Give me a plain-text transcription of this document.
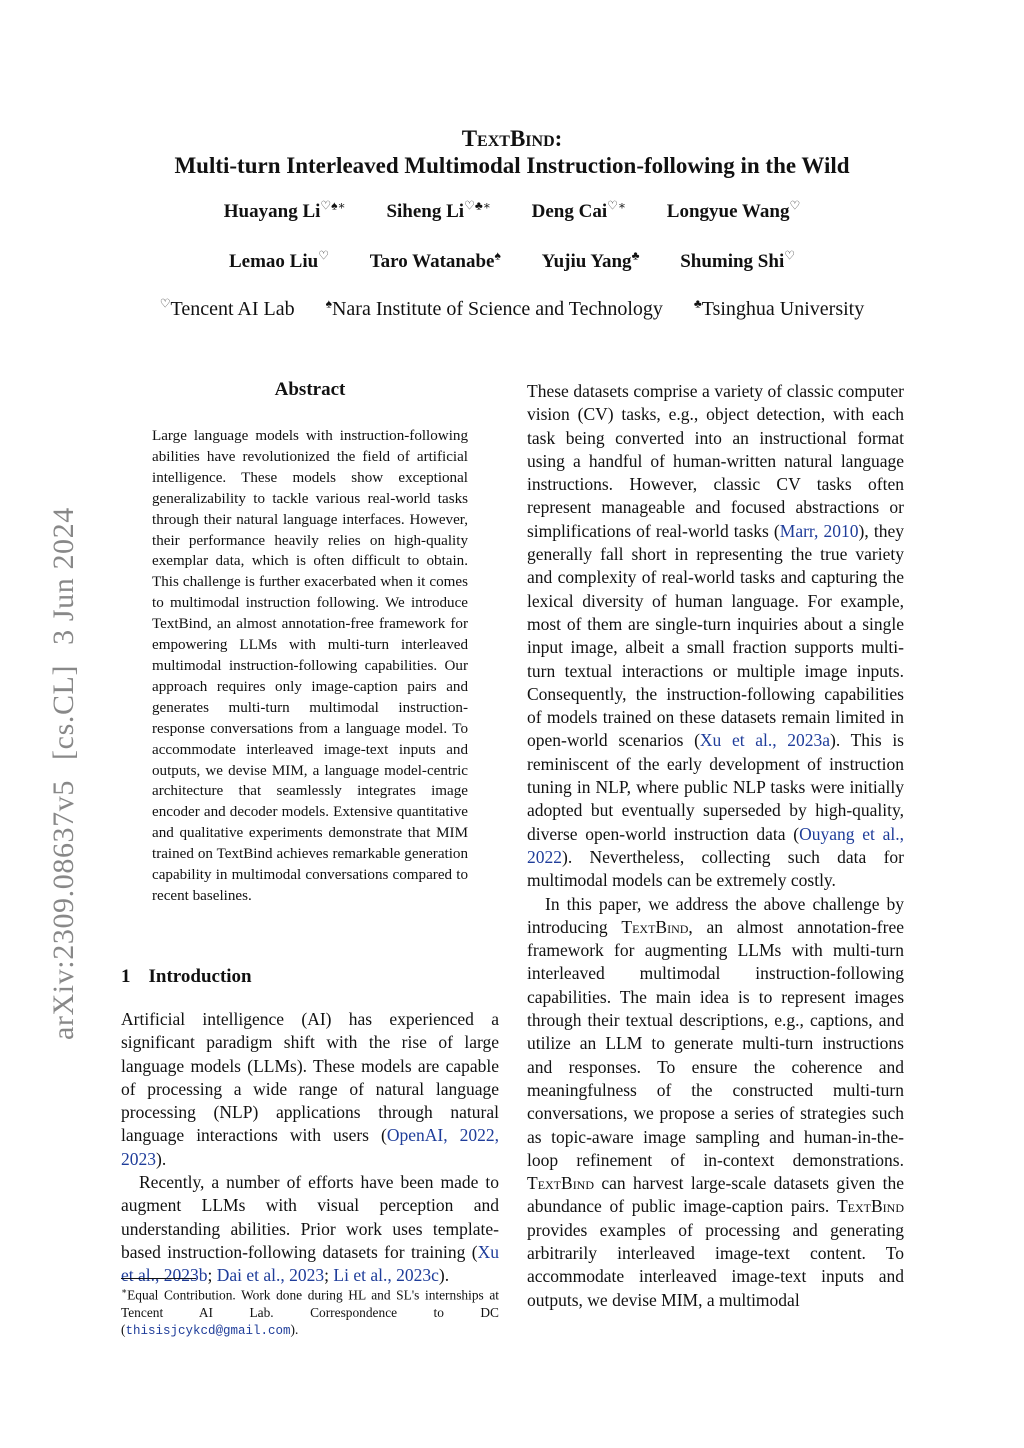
arXiv:2309.08637v5 [cs.CL] 3 Jun 2024
TextBind:
Multi-turn Interleaved Multimodal Instruction-following in the Wild
Huayang Li♡♠∗ Siheng Li♡♣∗ Deng Cai♡∗ Longyue Wang♡
Lemao Liu♡ Taro Watanabe♠ Yujiu Yang♣ Shuming Shi♡
♡Tencent AI Lab	♠Nara Institute of Science and Technology	♣Tsinghua University
Abstract
Large language models with instruction-following abilities have revolutionized the field of artificial intelligence. These models show exceptional generalizability to tackle various real-world tasks through their natural language interfaces. However, their performance heavily relies on high-quality exemplar data, which is often difficult to obtain. This challenge is further exacerbated when it comes to multimodal instruction following. We introduce TextBind, an almost annotation-free framework for empowering LLMs with multi-turn interleaved multimodal instruction-following capabilities. Our approach requires only image-caption pairs and generates multi-turn multimodal instruction-response conversations from a language model. To accommodate interleaved image-text inputs and outputs, we devise MIM, a language model-centric architecture that seamlessly integrates image encoder and decoder models. Extensive quantitative and qualitative experiments demonstrate that MIM trained on TextBind achieves remarkable generation capability in multimodal conversations compared to recent baselines.
1 Introduction

Artificial intelligence (AI) has experienced a significant paradigm shift with the rise of large language models (LLMs). These models are capable of processing a wide range of natural language processing (NLP) applications through natural language interactions with users (OpenAI, 2022, 2023).

Recently, a number of efforts have been made to augment LLMs with visual perception and understanding abilities. Prior work uses template-based instruction-following datasets for training (Xu et al., 2023b; Dai et al., 2023; Li et al., 2023c).

∗Equal Contribution. Work done during HL and SL's internships at Tencent AI Lab. Correspondence to DC (thisisjcykcd@gmail.com).

These datasets comprise a variety of classic computer vision (CV) tasks, e.g., object detection, with each task being converted into an instructional format using a handful of human-written natural language instructions. However, classic CV tasks often represent manageable and focused abstractions or simplifications of real-world tasks (Marr, 2010), they generally fall short in representing the true variety and complexity of real-world tasks and capturing the lexical diversity of human language. For example, most of them are single-turn inquiries about a single input image, albeit a small fraction supports multi-turn textual interactions or multiple image inputs. Consequently, the instruction-following capabilities of models trained on these datasets remain limited in open-world scenarios (Xu et al., 2023a). This is reminiscent of the early development of instruction tuning in NLP, where public NLP tasks were initially adopted but eventually superseded by high-quality, diverse open-world instruction data (Ouyang et al., 2022). Nevertheless, collecting such data for multimodal models can be extremely costly.

In this paper, we address the above challenge by introducing TextBind, an almost annotation-free framework for augmenting LLMs with multi-turn interleaved multimodal instruction-following capabilities. The main idea is to represent images through their textual descriptions, e.g., captions, and utilize an LLM to generate multi-turn instructions and responses. To ensure the coherence and meaningfulness of the constructed multi-turn conversations, we propose a series of strategies such as topic-aware image sampling and human-in-the-loop refinement of in-context demonstrations. TextBind can harvest large-scale datasets given the abundance of public image-caption pairs. TextBind provides examples of processing and generating arbitrarily interleaved image-text content. To accommodate interleaved image-text inputs and outputs, we devise MIM, a multimodal
